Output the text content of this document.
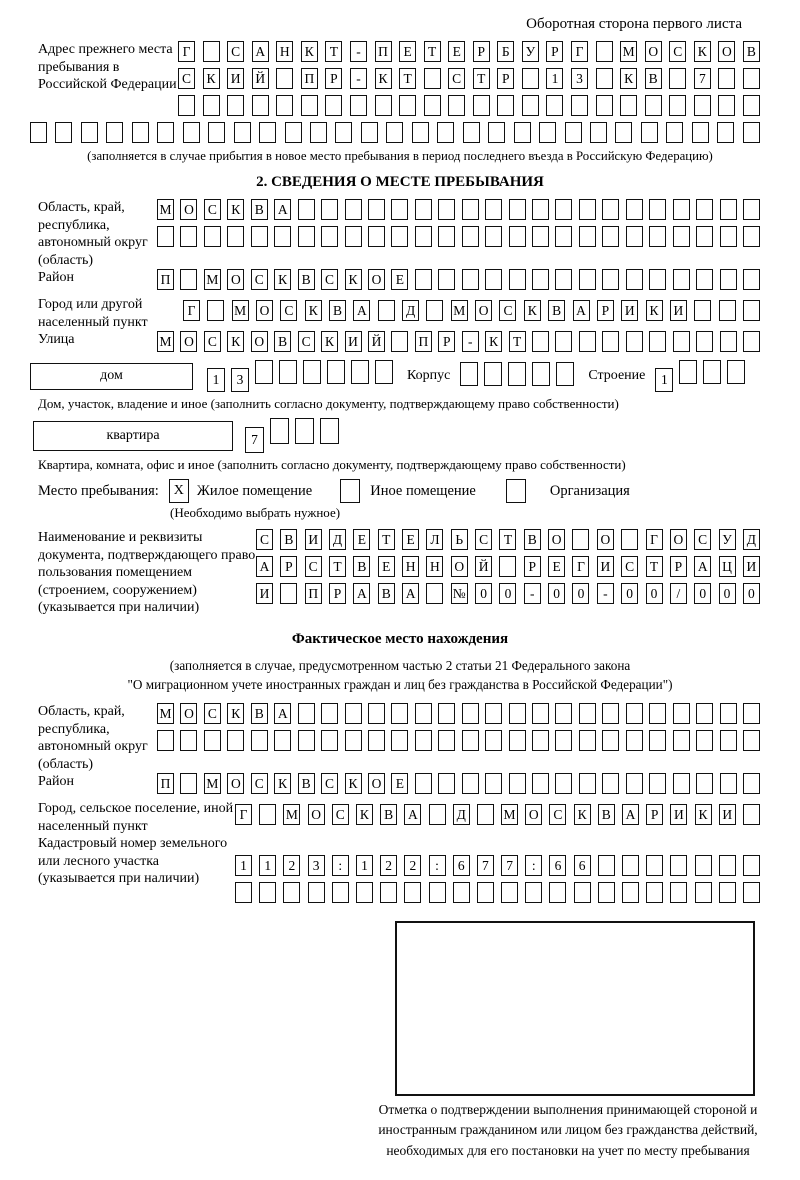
Оборотная сторона первого листа
Адрес прежнего места пребывания в Российской Федерации
Г	С А Н К	Т	-	П	Е	Т	Е	Р	Б	У	Р	Г	М О С К О В
С К И Й	П	Р	-	К	Т	С	Т	Р	1	3	К В	7
(заполняется в случае прибытия в новое место пребывания в период последнего въезда в Российскую Федерацию)
2. СВЕДЕНИЯ О МЕСТЕ ПРЕБЫВАНИЯ
Область, край, республика, автономный округ (область)
М О С К В А
Район	П	М О С К В С К О	Е
Город или другой населенный пункт
Г	М О С К В А	Д	М О С К В А	Р	И К И
Улица	М О С К О В С К И Й	П	Р	-	К	Т
дом	1 3	Корпус	Строение	1
Дом, участок, владение и иное (заполнить согласно документу, подтверждающему право собственности)
квартира	7
Квартира, комната, офис и иное (заполнить согласно документу, подтверждающему право собственности)
Место пребывания:	X Жилое помещение	Иное помещение	Организация
(Необходимо выбрать нужное)
Наименование и реквизиты документа, подтверждающего право пользования помещением (строением, сооружением) (указывается при наличии)
С В И Д	Е	Т	Е	Л	Ь	С	Т	В О	О	Г	О С У Д
А	Р	С	Т	В	Е	Н Н О Й	Р	Е	Г	И С	Т	Р	А Ц И
И	П	Р	А В А	№	0	0	-	0	0	-	0	0	/	0	0	0
Фактическое место нахождения
(заполняется в случае, предусмотренном частью 2 статьи 21 Федерального закона
"О миграционном учете иностранных граждан и лиц без гражданства в Российской Федерации")
Область, край, республика, автономный округ (область)
М О С К В А
Район	П	М О С К В С К О	Е
Город, сельское поселение, иной населенный пункт
Г	М О С К В А	Д	М О С К В А	Р	И К И
Кадастровый номер земельного или лесного участка (указывается при наличии)
1	1	2	3	:	1	2	2	:	6	7	7	:	6	6
Отметка о подтверждении выполнения принимающей стороной и иностранным гражданином или лицом без гражданства действий, необходимых для его постановки на учет по месту пребывания
